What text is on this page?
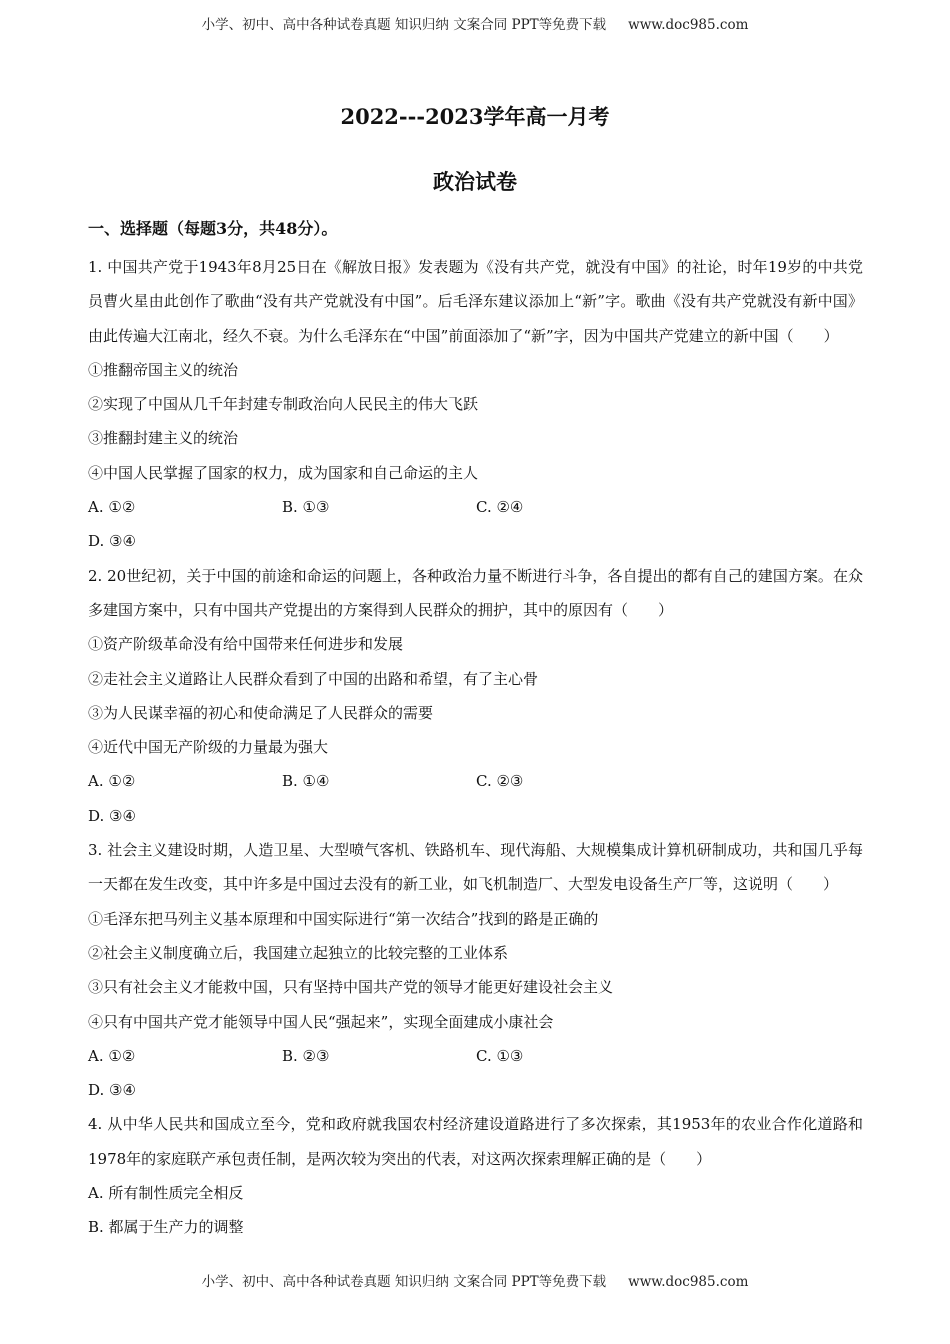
小学、初中、高中各种试卷真题 知识归纳 文案合同 PPT等免费下载 www.doc985.com
2022---2023学年高一月考
政治试卷
一、选择题（每题3分，共48分）。

1. 中国共产党于1943年8月25日在《解放日报》发表题为《没有共产党，就没有中国》的社论，时年19岁的中共党员曹火星由此创作了歌曲“没有共产党就没有中国”。后毛泽东建议添加上“新”字。歌曲《没有共产党就没有新中国》由此传遍大江南北，经久不衰。为什么毛泽东在“中国”前面添加了“新”字，因为中国共产党建立的新中国（　　）

①推翻帝国主义的统治

②实现了中国从几千年封建专制政治向人民民主的伟大飞跃

③推翻封建主义的统治

④中国人民掌握了国家的权力，成为国家和自己命运的主人

A. ①②	B. ①③	C. ②④
D. ③④

2. 20世纪初，关于中国的前途和命运的问题上，各种政治力量不断进行斗争，各自提出的都有自己的建国方案。在众多建国方案中，只有中国共产党提出的方案得到人民群众的拥护，其中的原因有（　　）

①资产阶级革命没有给中国带来任何进步和发展

②走社会主义道路让人民群众看到了中国的出路和希望，有了主心骨

③为人民谋幸福的初心和使命满足了人民群众的需要

④近代中国无产阶级的力量最为强大

A. ①②	B. ①④	C. ②③
D. ③④

3. 社会主义建设时期，人造卫星、大型喷气客机、铁路机车、现代海船、大规模集成计算机研制成功，共和国几乎每一天都在发生改变，其中许多是中国过去没有的新工业，如飞机制造厂、大型发电设备生产厂等，这说明（　　）

①毛泽东把马列主义基本原理和中国实际进行“第一次结合”找到的路是正确的

②社会主义制度确立后，我国建立起独立的比较完整的工业体系

③只有社会主义才能救中国，只有坚持中国共产党的领导才能更好建设社会主义

④只有中国共产党才能领导中国人民“强起来”，实现全面建成小康社会

A. ①②	B. ②③	C. ①③
D. ③④

4. 从中华人民共和国成立至今，党和政府就我国农村经济建设道路进行了多次探索，其1953年的农业合作化道路和1978年的家庭联产承包责任制，是两次较为突出的代表，对这两次探索理解正确的是（　　）

A. 所有制性质完全相反
B. 都属于生产力的调整
小学、初中、高中各种试卷真题 知识归纳 文案合同 PPT等免费下载 www.doc985.com
